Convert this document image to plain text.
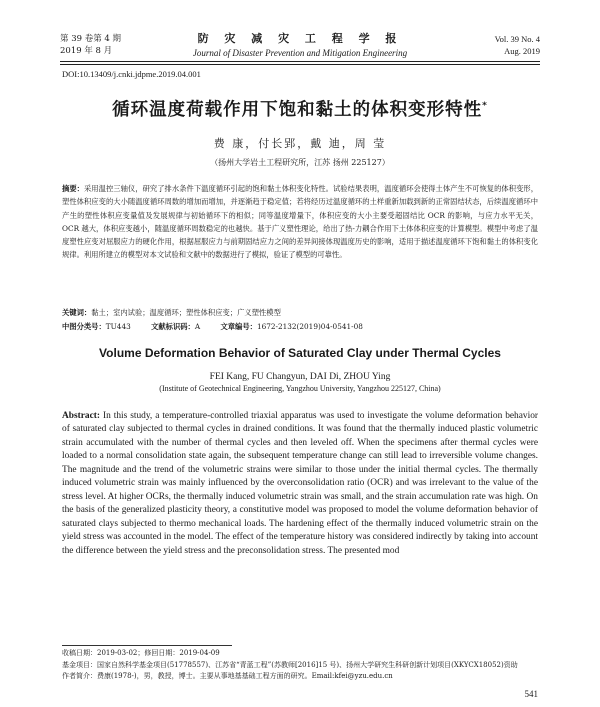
第 39 卷第 4 期
2019 年 8 月
防 灾 减 灾 工 程 学 报
Journal of Disaster Prevention and Mitigation Engineering
Vol. 39 No. 4
Aug. 2019
DOI:10.13409/j.cnki.jdpme.2019.04.001
循环温度荷载作用下饱和黏土的体积变形特性*
费 康，付长郢，戴 迪，周 莹
（扬州大学岩土工程研究所，江苏 扬州 225127）
摘要：采用温控三轴仪，研究了排水条件下温度循环引起的饱和黏土体积变化特性。试验结果表明，温度循环会使得土体产生不可恢复的体积变形，塑性体积应变的大小随温度循环周数的增加而增加，并逐渐趋于稳定值；若将经历过温度循环的土样重新加载到新的正常固结状态，后续温度循环中产生的塑性体积应变量值及发展规律与初始循环下的相似；同等温度增量下，体积应变的大小主要受超固结比 OCR 的影响，与应力水平无关，OCR 越大，体积应变越小，随温度循环周数稳定的也越快。基于广义塑性理论，给出了热-力耦合作用下土体体积应变的计算模型。模型中考虑了温度塑性应变对屈服应力的硬化作用，根据屈服应力与前期固结应力之间的差异间接体现温度历史的影响，适用于描述温度循环下饱和黏土的体积变化规律。利用所建立的模型对本文试验和文献中的数据进行了模拟，验证了模型的可靠性。
关键词：黏土；室内试验；温度循环；塑性体积应变；广义塑性模型
中图分类号：TU443	文献标识码：A	文章编号：1672-2132(2019)04-0541-08
Volume Deformation Behavior of Saturated Clay under Thermal Cycles
FEI Kang, FU Changyun, DAI Di, ZHOU Ying
(Institute of Geotechnical Engineering, Yangzhou University, Yangzhou 225127, China)
Abstract: In this study, a temperature-controlled triaxial apparatus was used to investigate the volume deformation behavior of saturated clay subjected to thermal cycles in drained conditions. It was found that the thermally induced plastic volumetric strain accumulated with the number of thermal cycles and then leveled off. When the specimens after thermal cycles were loaded to a normal consolidation state again, the subsequent temperature change can still lead to irreversible volume changes. The magnitude and the trend of the volumetric strains were similar to those under the initial thermal cycles. The thermally induced volumetric strain was mainly influenced by the overconsolidation ratio (OCR) and was irrelevant to the value of the stress level. At higher OCRs, the thermally induced volumetric strain was small, and the strain accumulation rate was high. On the basis of the generalized plasticity theory, a constitutive model was proposed to model the volume deformation behavior of saturated clays subjected to thermo mechanical loads. The hardening effect of the thermally induced volumetric strain on the yield stress was accounted in the model. The effect of the temperature history was considered indirectly by taking into account the difference between the yield stress and the preconsolidation stress. The presented mod
收稿日期：2019-03-02；修回日期：2019-04-09
基金项目：国家自然科学基金项目(51778557)、江苏省“青蓝工程”(苏教师[2016]15 号)、扬州大学研究生科研创新计划项目(XKYCX18052)资助
作者简介：费康(1978-)，男，教授，博士。主要从事地基基础工程方面的研究。Email:kfei@yzu.edu.cn
541
